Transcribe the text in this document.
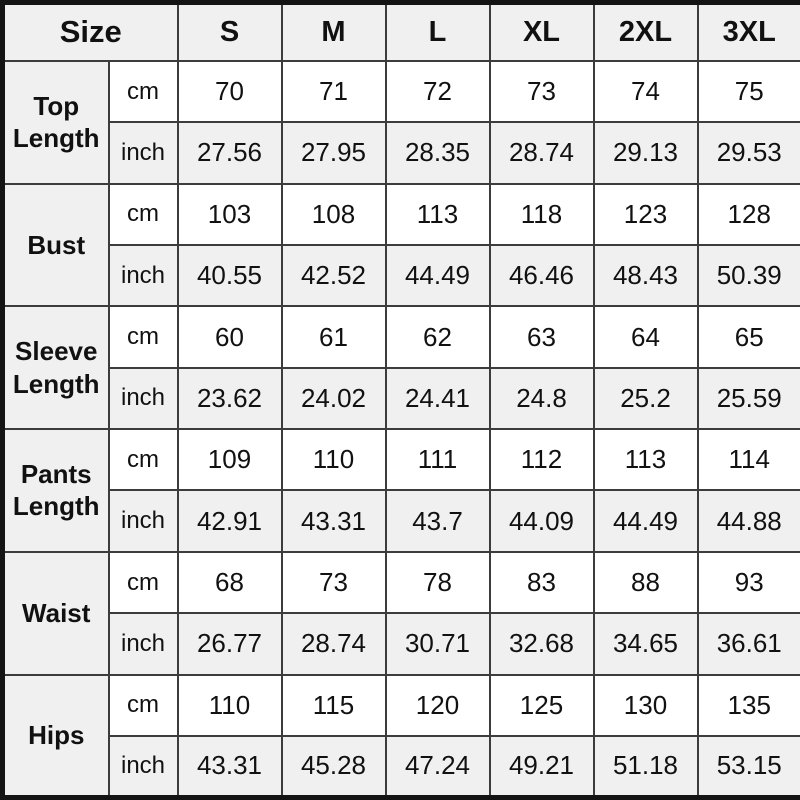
Size		S	M	L	XL	2XL	3XL
Top Length	cm	70	71	72	73	74	75
	inch	27.56	27.95	28.35	28.74	29.13	29.53
Bust	cm	103	108	113	118	123	128
	inch	40.55	42.52	44.49	46.46	48.43	50.39
Sleeve Length	cm	60	61	62	63	64	65
	inch	23.62	24.02	24.41	24.8	25.2	25.59
Pants Length	cm	109	110	111	112	113	114
	inch	42.91	43.31	43.7	44.09	44.49	44.88
Waist	cm	68	73	78	83	88	93
	inch	26.77	28.74	30.71	32.68	34.65	36.61
Hips	cm	110	115	120	125	130	135
	inch	43.31	45.28	47.24	49.21	51.18	53.15
